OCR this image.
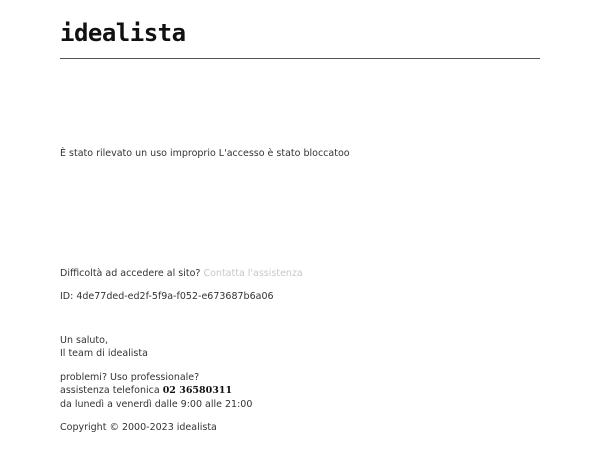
idealista
È stato rilevato un uso improprio L'accesso è stato bloccatoo
Difficoltà ad accedere al sito? Contatta l'assistenza
ID: 4de77ded-ed2f-5f9a-f052-e673687b6a06
Un saluto,
Il team di idealista
problemi? Uso professionale?
assistenza telefonica 02 36580311
da lunedì a venerdì dalle 9:00 alle 21:00
Copyright © 2000-2023 idealista
